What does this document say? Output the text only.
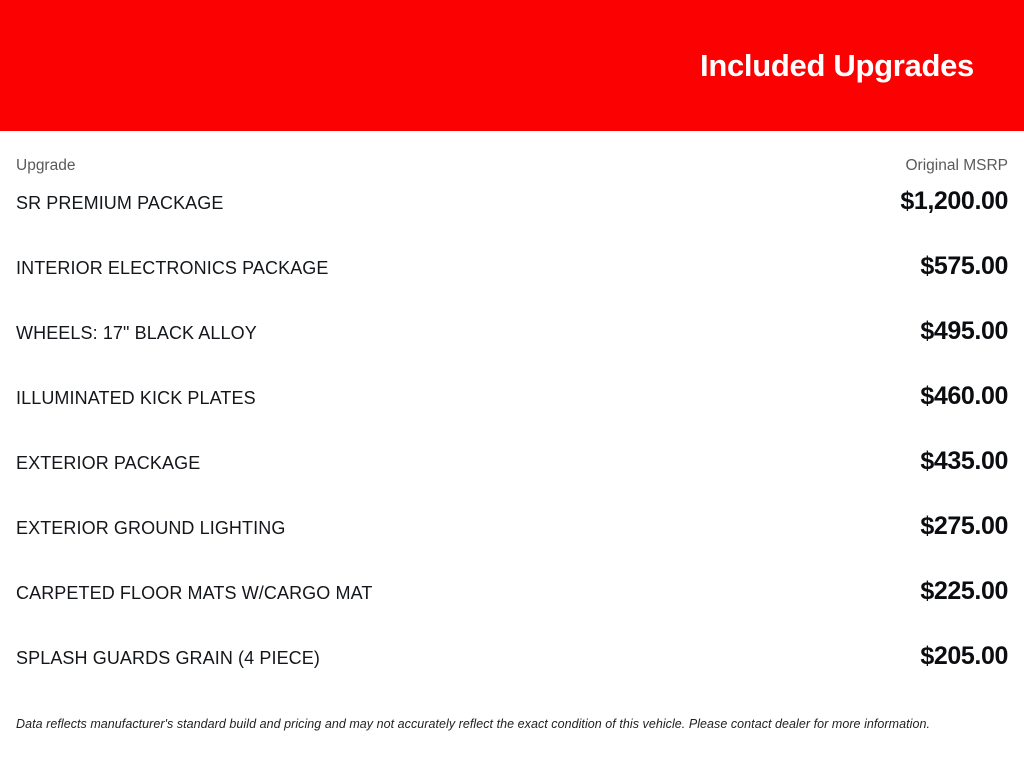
Included Upgrades
Upgrade	Original MSRP
SR PREMIUM PACKAGE	$1,200.00
INTERIOR ELECTRONICS PACKAGE	$575.00
WHEELS: 17" BLACK ALLOY	$495.00
ILLUMINATED KICK PLATES	$460.00
EXTERIOR PACKAGE	$435.00
EXTERIOR GROUND LIGHTING	$275.00
CARPETED FLOOR MATS W/CARGO MAT	$225.00
SPLASH GUARDS GRAIN (4 PIECE)	$205.00
Data reflects manufacturer's standard build and pricing and may not accurately reflect the exact condition of this vehicle. Please contact dealer for more information.
